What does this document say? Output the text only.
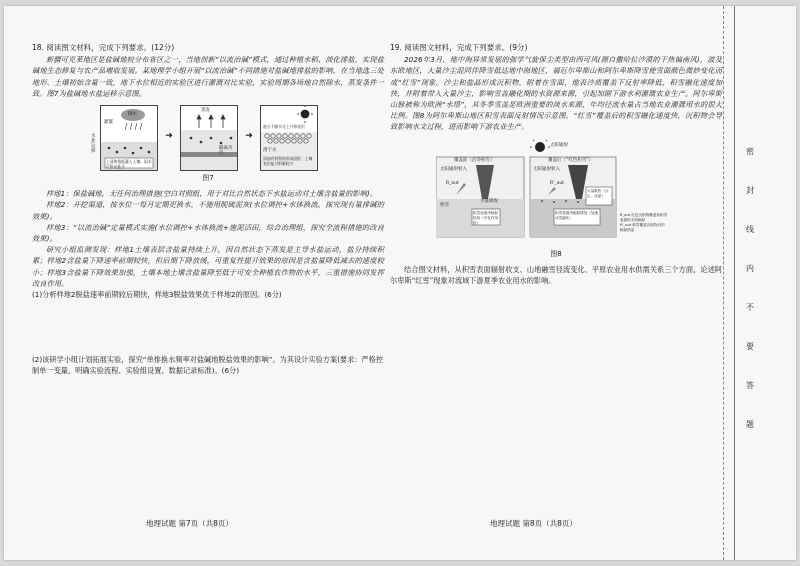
18. 阅读图文材料，完成下列要求。(12分)

新疆可克莱地区是盐碱地较分布省区之一，当地创新“以流治碱”模式，通过种植水稻、淡化排盐，实现盐碱地生态修复与农产品增收发展。某地理学小组开展“以流治碱”不同措施对盐碱地排盐的影响，在当地选三处地形、土壤初始含量一致，地下水位相近的实验区进行灌溉对比实验，实验周期各场地自然除水、蒸发条件一致。图7为盐碱地水盐运移示意图。

灌溉
降水
水盐运移
上清和排盐灌入土壤、雨水可带走盐分
➜
蒸发
隔离夹层
➜
盐分不随水分上升和表层
溶于水
添加有机物料形成团粒、土壤表层盐分积累较少

图7

样地1：保盐碱地，无任何治理措施(空白对照组，用于对比自然状态下水盐运动对土壤含盐量的影响)。

样地2：开挖渠道，按水位一每月定期更换水，不施用脱硫泥灰(水位调控+水体换流，探究现有量排碱的效果)。

样地3：“以流治碱”定量模式实施(水位调控+水体换流+施泥活田，综合治理组，探究全流程措施的改良效果)。

研究小组监测发现：样地1土壤表层含盐量持续上升，因自然状态下蒸发是主导水盐运动，盐分持续积累；样地2含盐量下降速率前期较快，但后期下降放缓，可重复性提升效果的原因是含盐量降低减去的速度较小；样地3含盐量下降效果加强，土壤本地土壤含盐量降至低于可安全种植农作物的水平，三重措施协同发挥改良作用。

(1)分析样地2脱盐速率前期较后期快，样地3脱盐效果优于样地2的原因。(6分)

(2)该研学小组计划拓展实验，探究“单排换水频率对盐碱地脱盐效果的影响”。为其设计实验方案(要求：严格控制单一变量，明确实验流程、实验组设置、数据记录标准)。(6分)

19. 阅读图文材料，完成下列要求。(9分)

2026年3月，地中海异常发展的强学气旋保尘类型由西可风(源自撒哈拉沙漠的干热偏南风)，波及东欧地区，大量沙尘混同伴降雪抵达地中海地区，福厄尔卑斯山和阿尔卑斯降雪使雪面颜色微妙变化而成“红雪”现象。沙尘和盐晶形成沉积物，附着在雪面，地表沙质覆盖下反射率降低，积雪融化速度加快，并附着带入大量沙尘，影响雪盖融化期的水资源来源，引起加剧下游水利灌溉农业生产。阿尔卑斯山脉被称为欧洲“水塔”，其冬季雪盖是欧洲重要的淡水来源，年均径流水量占当地农业灌溉用水的很大比例。图8为阿尔卑斯山地区积雪表面反射情况示意图。“红雪”覆盖后的积雪融化速度快，沉积物会导致影响水文过程，进而影响下游农业生产。

覆盖前（洁净积雪）	覆盖后（“红色积雪”）
太阳辐射
太阳辐射射入
R_out
少量吸收
积雪
积雪表面净辐射较低（冷化作用较）
太阳辐射射入
R'_out
大量吸收（沙尘、冰晶）
积雪表面净辐射增加（加速冰雪融化）
R_out 红色沉积物覆盖前积雪表面的太阳辐射
R'_out 积雪覆盖沉积物后的辐射热量

图8

结合图文材料，从积雪表面辐射收支、山地融雪径流变化、平原农业用水供需关系三个方面，论述阿尔卑斯“红雪”现象对流域下游夏季农业用水的影响。

地理试题 第7页（共8页）	地理试题 第8页（共8页）
密
封
线
内
不
要
答
题
